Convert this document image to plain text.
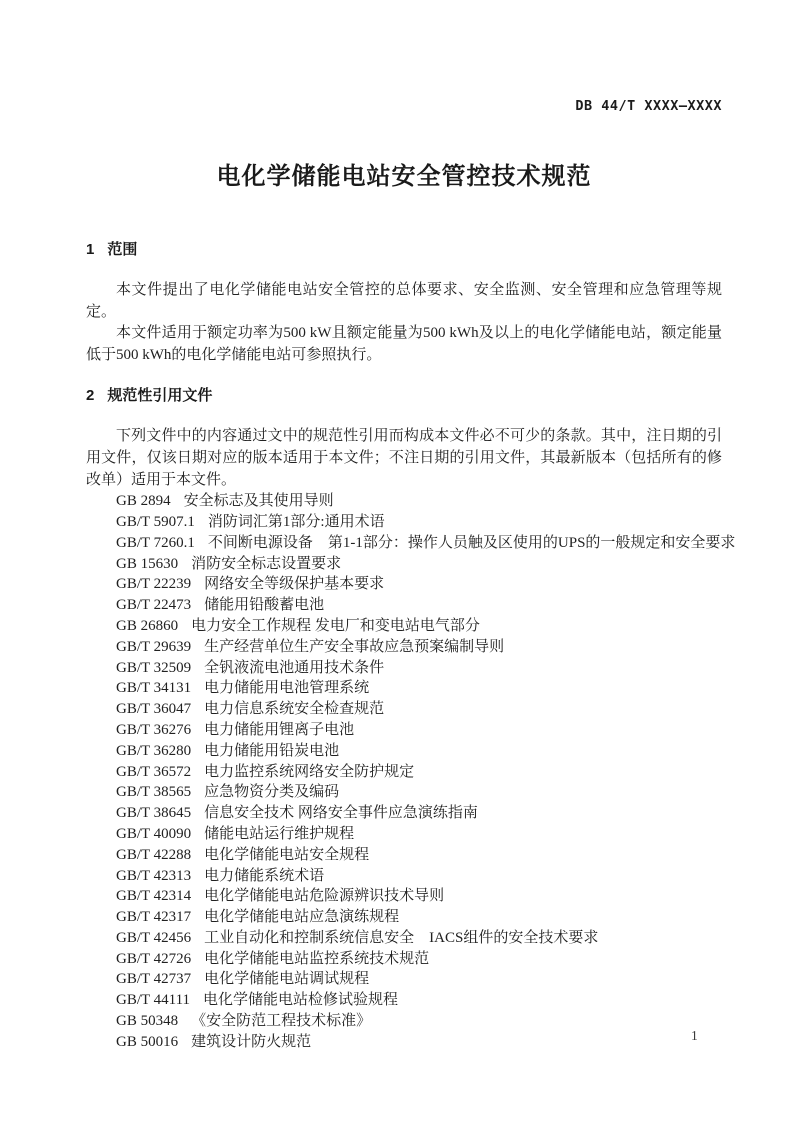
DB 44/T XXXX—XXXX
电化学储能电站安全管控技术规范
1 范围

本文件提出了电化学储能电站安全管控的总体要求、安全监测、安全管理和应急管理等规定。

本文件适用于额定功率为500 kW且额定能量为500 kWh及以上的电化学储能电站，额定能量低于500 kWh的电化学储能电站可参照执行。

2 规范性引用文件

下列文件中的内容通过文中的规范性引用而构成本文件必不可少的条款。其中，注日期的引用文件，仅该日期对应的版本适用于本文件；不注日期的引用文件，其最新版本（包括所有的修改单）适用于本文件。

GB 2894 安全标志及其使用导则
GB/T 5907.1 消防词汇第1部分:通用术语
GB/T 7260.1 不间断电源设备　第1-1部分：操作人员触及区使用的UPS的一般规定和安全要求
GB 15630 消防安全标志设置要求
GB/T 22239 网络安全等级保护基本要求
GB/T 22473 储能用铅酸蓄电池
GB 26860 电力安全工作规程 发电厂和变电站电气部分
GB/T 29639 生产经营单位生产安全事故应急预案编制导则
GB/T 32509 全钒液流电池通用技术条件
GB/T 34131 电力储能用电池管理系统
GB/T 36047 电力信息系统安全检查规范
GB/T 36276 电力储能用锂离子电池
GB/T 36280 电力储能用铅炭电池
GB/T 36572 电力监控系统网络安全防护规定
GB/T 38565 应急物资分类及编码
GB/T 38645 信息安全技术 网络安全事件应急演练指南
GB/T 40090 储能电站运行维护规程
GB/T 42288 电化学储能电站安全规程
GB/T 42313 电力储能系统术语
GB/T 42314 电化学储能电站危险源辨识技术导则
GB/T 42317 电化学储能电站应急演练规程
GB/T 42456 工业自动化和控制系统信息安全　IACS组件的安全技术要求
GB/T 42726 电化学储能电站监控系统技术规范
GB/T 42737 电化学储能电站调试规程
GB/T 44111 电化学储能电站检修试验规程
GB 50348 《安全防范工程技术标准》
GB 50016 建筑设计防火规范	1
